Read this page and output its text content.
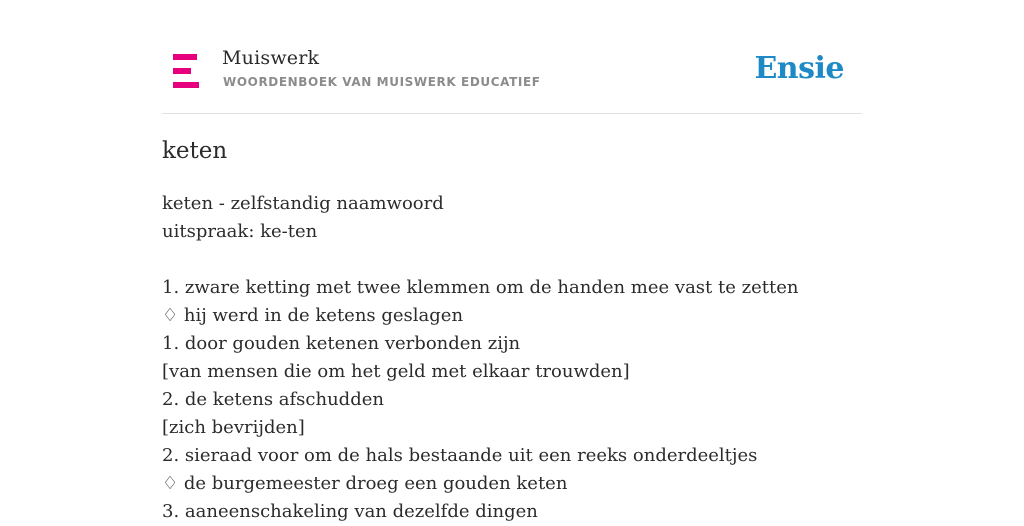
Muiswerk
WOORDENBOEK VAN MUISWERK EDUCATIEF	Ensie
keten
keten - zelfstandig naamwoord
uitspraak: ke-ten
1. zware ketting met twee klemmen om de handen mee vast te zetten
♢ hij werd in de ketens geslagen
1. door gouden ketenen verbonden zijn
[van mensen die om het geld met elkaar trouwden]
2. de ketens afschudden
[zich bevrijden]
2. sieraad voor om de hals bestaande uit een reeks onderdeeltjes
♢ de burgemeester droeg een gouden keten
3. aaneenschakeling van dezelfde dingen
